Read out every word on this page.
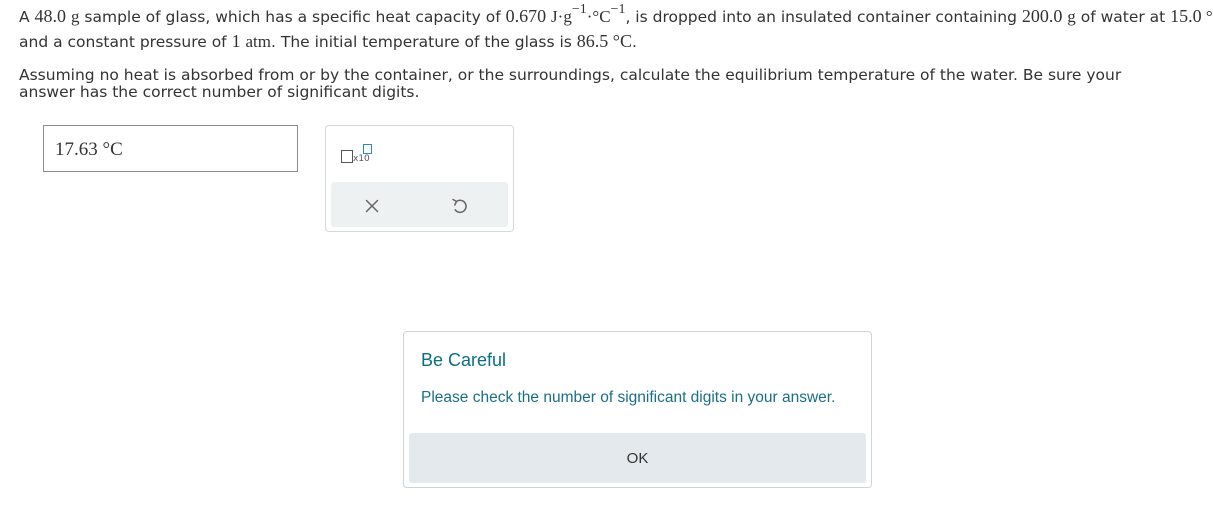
A 48.0 g sample of glass, which has a specific heat capacity of 0.670 J·g−1·°C−1, is dropped into an insulated container containing 200.0 g of water at 15.0 °
and a constant pressure of 1 atm. The initial temperature of the glass is 86.5 °C.
Assuming no heat is absorbed from or by the container, or the surroundings, calculate the equilibrium temperature of the water. Be sure your answer has the correct number of significant digits.
17.63 °C	x10
Be Careful
Please check the number of significant digits in your answer.
OK
